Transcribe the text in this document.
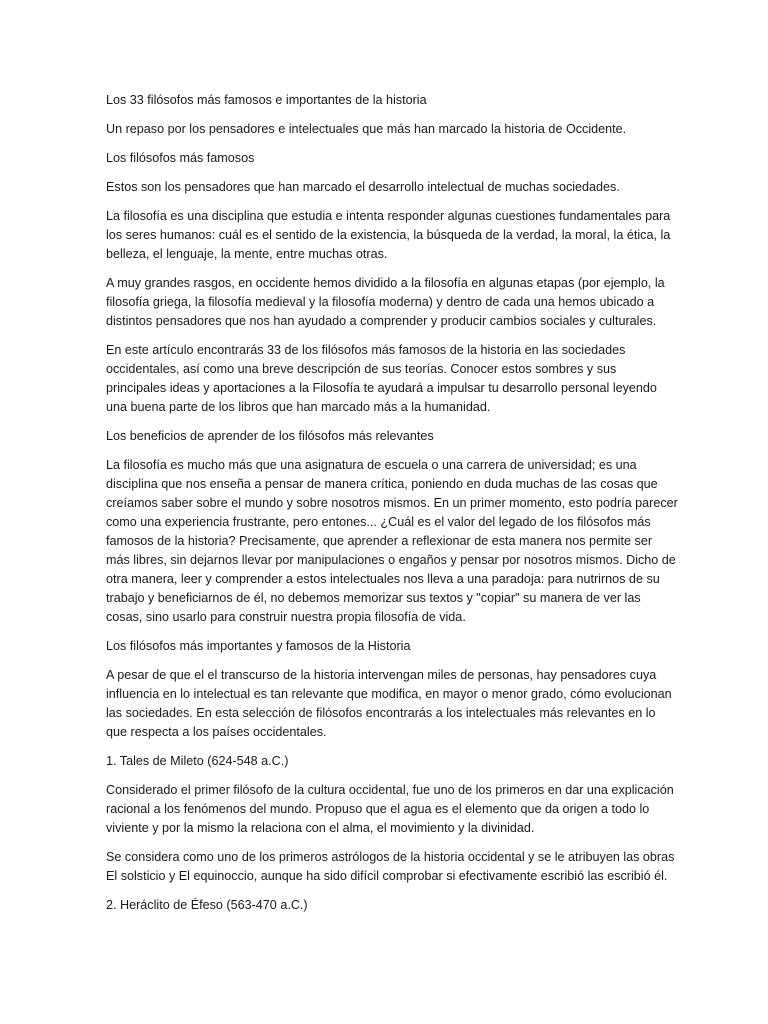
Los 33 filósofos más famosos e importantes de la historia

Un repaso por los pensadores e intelectuales que más han marcado la historia de Occidente.

Los filósofos más famosos

Estos son los pensadores que han marcado el desarrollo intelectual de muchas sociedades.

La filosofía es una disciplina que estudia e intenta responder algunas cuestiones fundamentales para los seres humanos: cuál es el sentido de la existencia, la búsqueda de la verdad, la moral, la ética, la belleza, el lenguaje, la mente, entre muchas otras.

A muy grandes rasgos, en occidente hemos dividido a la filosofía en algunas etapas (por ejemplo, la filosofía griega, la filosofía medieval y la filosofía moderna) y dentro de cada una hemos ubicado a distintos pensadores que nos han ayudado a comprender y producir cambios sociales y culturales.

En este artículo encontrarás 33 de los filósofos más famosos de la historia en las sociedades occidentales, así como una breve descripción de sus teorías. Conocer estos sombres y sus principales ideas y aportaciones a la Filosofía te ayudará a impulsar tu desarrollo personal leyendo una buena parte de los libros que han marcado más a la humanidad.

Los beneficios de aprender de los filósofos más relevantes

La filosofía es mucho más que una asignatura de escuela o una carrera de universidad; es una disciplina que nos enseña a pensar de manera crítica, poniendo en duda muchas de las cosas que creíamos saber sobre el mundo y sobre nosotros mismos. En un primer momento, esto podría parecer como una experiencia frustrante, pero entones... ¿Cuál es el valor del legado de los filósofos más famosos de la historia? Precisamente, que aprender a reflexionar de esta manera nos permite ser más libres, sin dejarnos llevar por manipulaciones o engaños y pensar por nosotros mismos. Dicho de otra manera, leer y comprender a estos intelectuales nos lleva a una paradoja: para nutrirnos de su trabajo y beneficiarnos de él, no debemos memorizar sus textos y "copiar" su manera de ver las cosas, sino usarlo para construir nuestra propia filosofía de vida.

Los filósofos más importantes y famosos de la Historia

A pesar de que el el transcurso de la historia intervengan miles de personas, hay pensadores cuya influencia en lo intelectual es tan relevante que modifica, en mayor o menor grado, cómo evolucionan las sociedades. En esta selección de filósofos encontrarás a los intelectuales más relevantes en lo que respecta a los países occidentales.

1. Tales de Mileto (624-548 a.C.)

Considerado el primer filósofo de la cultura occidental, fue uno de los primeros en dar una explicación racional a los fenómenos del mundo. Propuso que el agua es el elemento que da origen a todo lo viviente y por la mismo la relaciona con el alma, el movimiento y la divinidad.

Se considera como uno de los primeros astrólogos de la historia occidental y se le atribuyen las obras El solsticio y El equinoccio, aunque ha sido difícil comprobar si efectivamente escribió las escribió él.

2. Heráclito de Éfeso (563-470 a.C.)
